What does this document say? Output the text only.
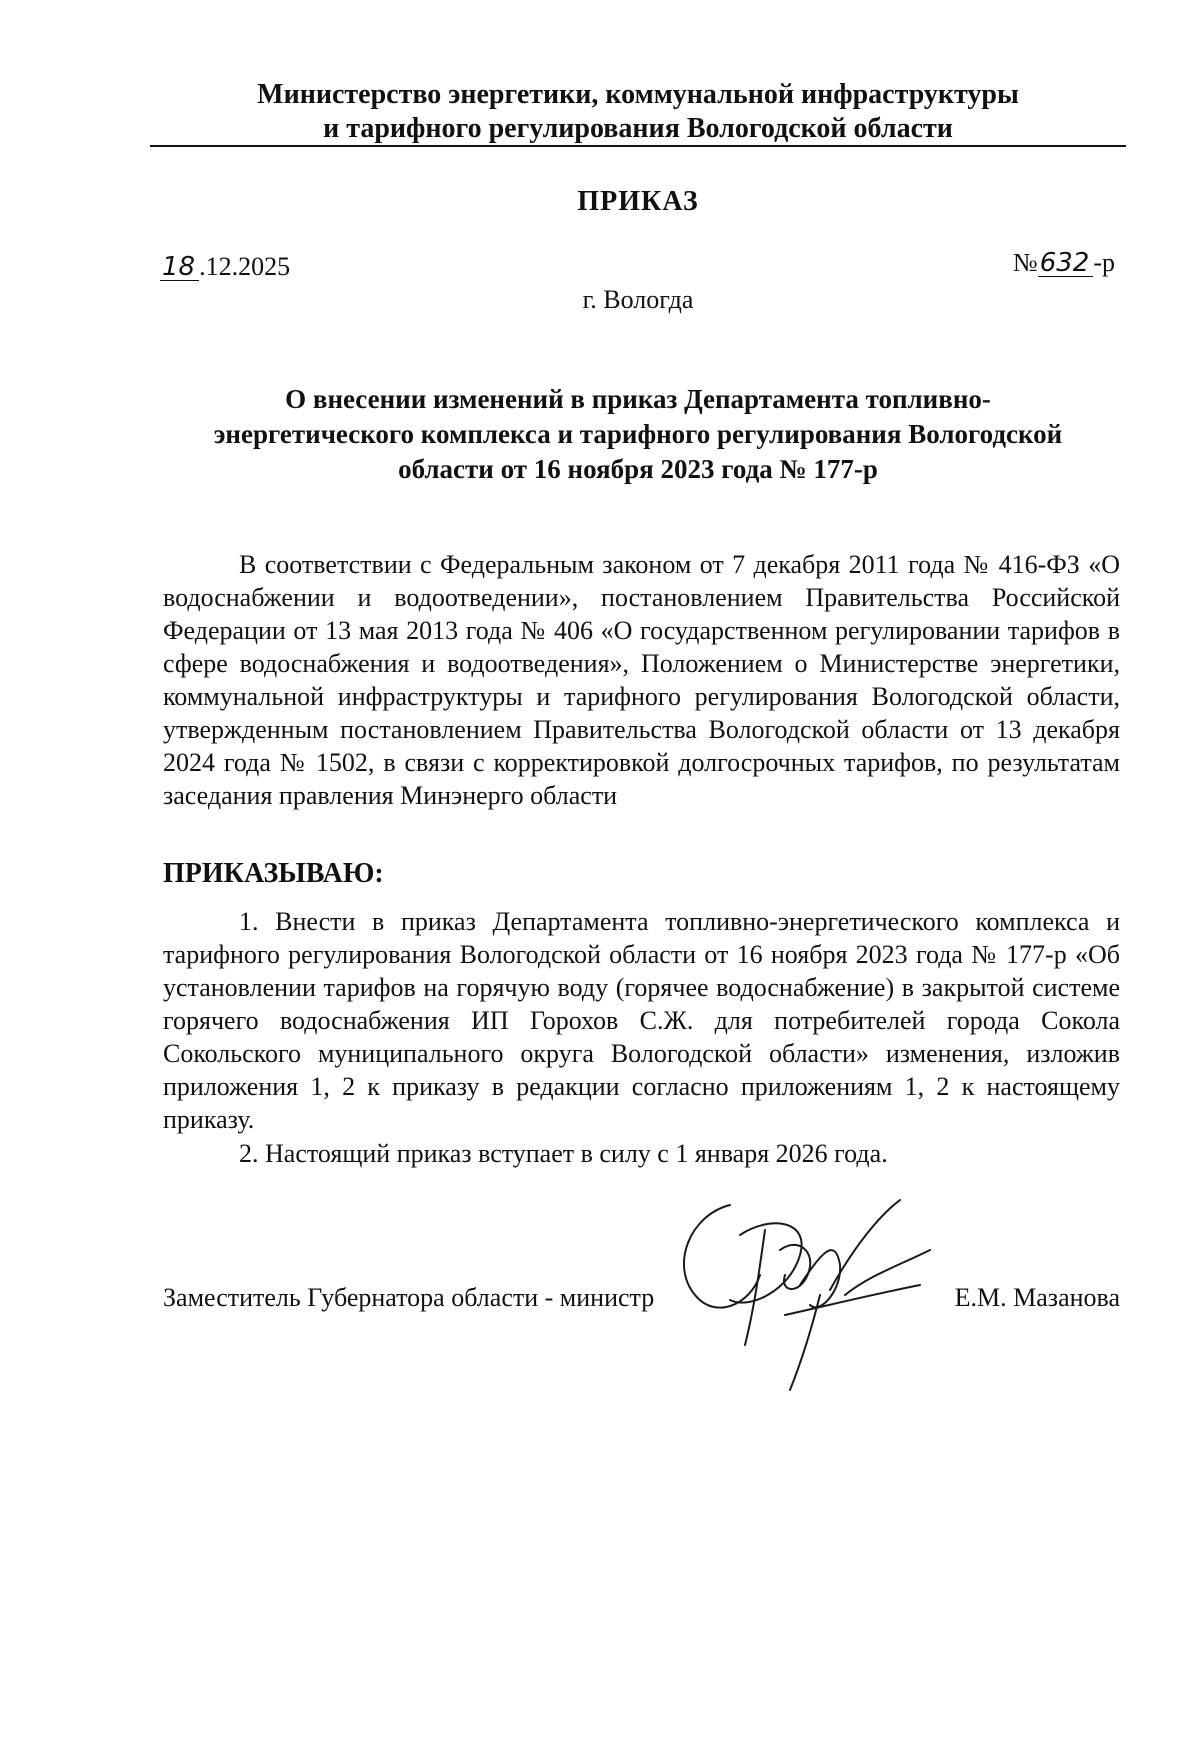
Министерство энергетики, коммунальной инфраструктуры
и тарифного регулирования Вологодской области
ПРИКАЗ
18 .12.2025	№632 -р
г. Вологда
О внесении изменений в приказ Департамента топливно-
энергетического комплекса и тарифного регулирования Вологодской
области от 16 ноября 2023 года № 177-р
В соответствии с Федеральным законом от 7 декабря 2011 года № 416-ФЗ «О водоснабжении и водоотведении», постановлением Правительства Российской Федерации от 13 мая 2013 года № 406 «О государственном регулировании тарифов в сфере водоснабжения и водоотведения», Положением о Министерстве энергетики, коммунальной инфраструктуры и тарифного регулирования Вологодской области, утвержденным постановлением Правительства Вологодской области от 13 декабря 2024 года № 1502, в связи с корректировкой долгосрочных тарифов, по результатам заседания правления Минэнерго области
ПРИКАЗЫВАЮ:
1. Внести в приказ Департамента топливно-энергетического комплекса и тарифного регулирования Вологодской области от 16 ноября 2023 года № 177-р «Об установлении тарифов на горячую воду (горячее водоснабжение) в закрытой системе горячего водоснабжения ИП Горохов С.Ж. для потребителей города Сокола Сокольского муниципального округа Вологодской области» изменения, изложив приложения 1, 2 к приказу в редакции согласно приложениям 1, 2 к настоящему приказу.
2. Настоящий приказ вступает в силу с 1 января 2026 года.
Заместитель Губернатора области - министр	Е.М. Мазанова
